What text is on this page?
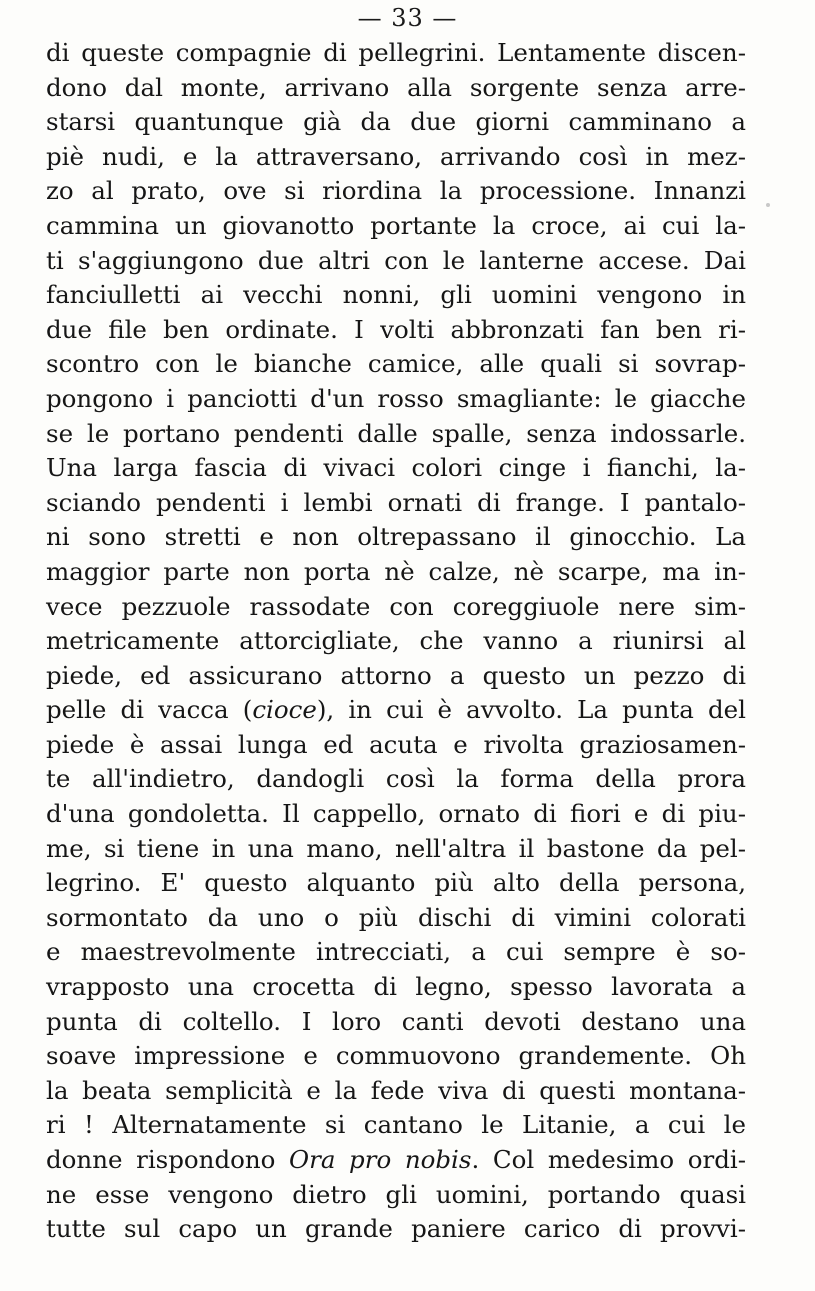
— 33 —
di queste compagnie di pellegrini. Lentamente discen-
dono dal monte, arrivano alla sorgente senza arre-
starsi quantunque già da due giorni camminano a
piè nudi, e la attraversano, arrivando così in mez-
zo al prato, ove si riordina la processione. Innanzi
cammina un giovanotto portante la croce, ai cui la-
ti s'aggiungono due altri con le lanterne accese. Dai
fanciulletti ai vecchi nonni, gli uomini vengono in
due file ben ordinate. I volti abbronzati fan ben ri-
scontro con le bianche camice, alle quali si sovrap-
pongono i panciotti d'un rosso smagliante: le giacche
se le portano pendenti dalle spalle, senza indossarle.
Una larga fascia di vivaci colori cinge i fianchi, la-
sciando pendenti i lembi ornati di frange. I pantalo-
ni sono stretti e non oltrepassano il ginocchio. La
maggior parte non porta nè calze, nè scarpe, ma in-
vece pezzuole rassodate con coreggiuole nere sim-
metricamente attorcigliate, che vanno a riunirsi al
piede, ed assicurano attorno a questo un pezzo di
pelle di vacca (cioce), in cui è avvolto. La punta del
piede è assai lunga ed acuta e rivolta graziosamen-
te all'indietro, dandogli così la forma della prora
d'una gondoletta. Il cappello, ornato di fiori e di piu-
me, si tiene in una mano, nell'altra il bastone da pel-
legrino. E' questo alquanto più alto della persona,
sormontato da uno o più dischi di vimini colorati
e maestrevolmente intrecciati, a cui sempre è so-
vrapposto una crocetta di legno, spesso lavorata a
punta di coltello. I loro canti devoti destano una
soave impressione e commuovono grandemente. Oh
la beata semplicità e la fede viva di questi montana-
ri ! Alternatamente si cantano le Litanie, a cui le
donne rispondono Ora pro nobis. Col medesimo ordi-
ne esse vengono dietro gli uomini, portando quasi
tutte sul capo un grande paniere carico di provvi-
